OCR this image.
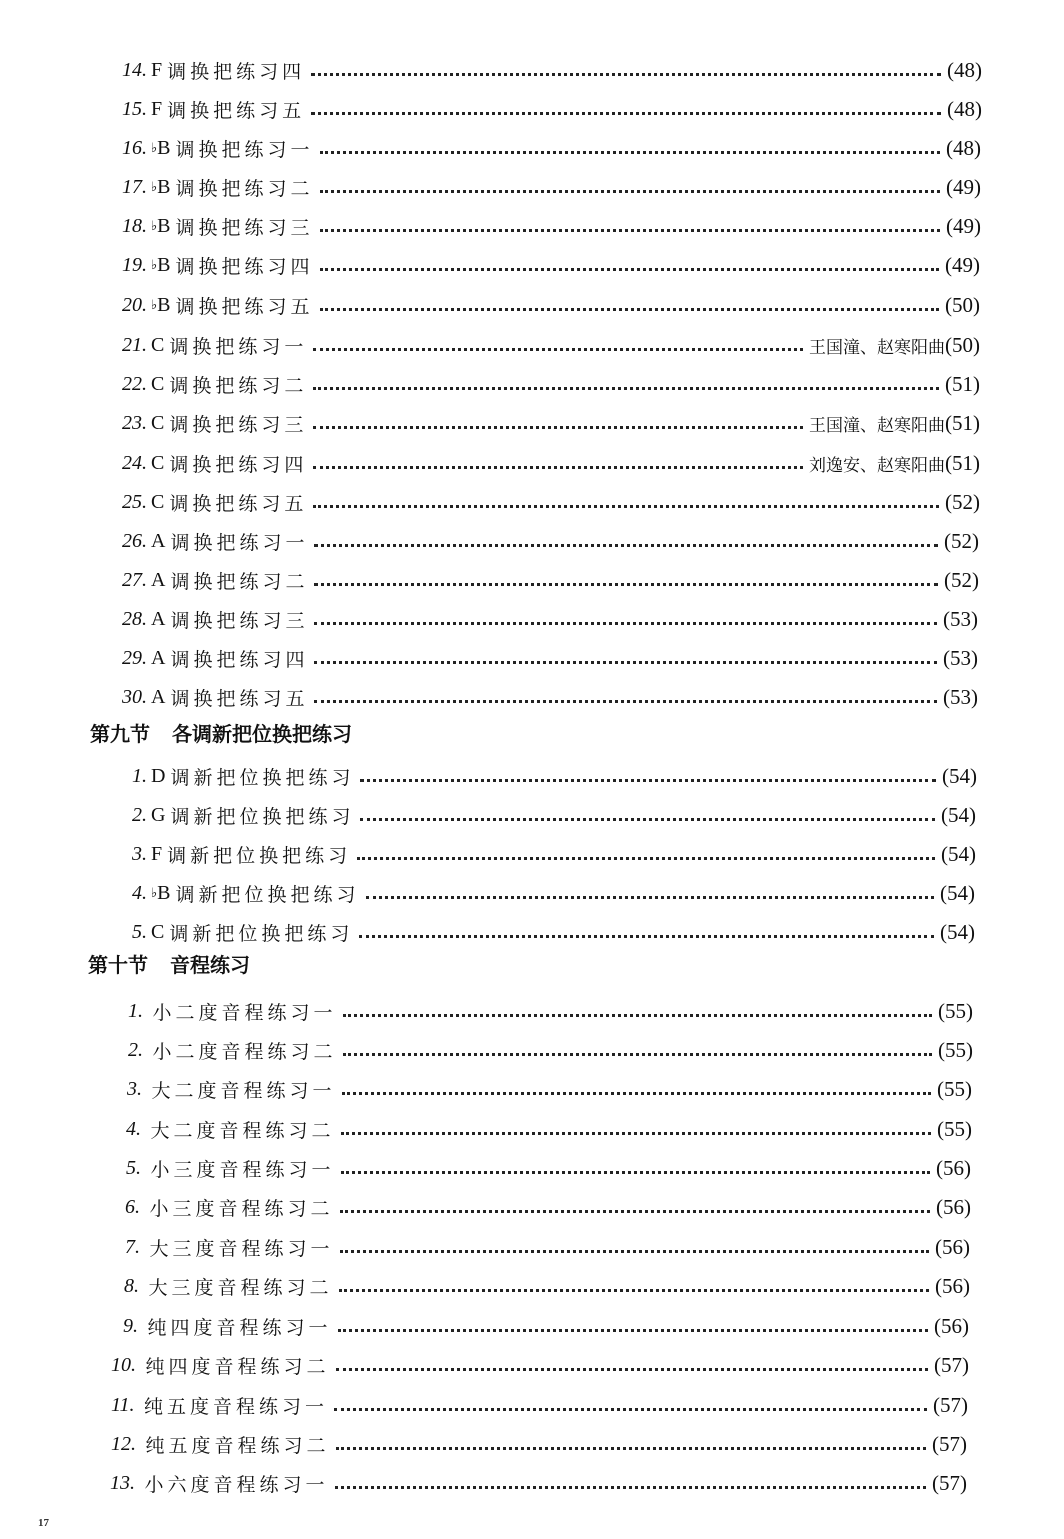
14. F 调换把练习四	(48)
15. F 调换把练习五	(48)
16. ♭ B 调换把练习一	(48)
17. ♭ B 调换把练习二	(49)
18. ♭ B 调换把练习三	(49)
19. ♭ B 调换把练习四	(49)
20. ♭ B 调换把练习五	(50)
21. C 调换把练习一	王国潼、赵寒阳曲 (50)
22. C 调换把练习二	(51)
23. C 调换把练习三	王国潼、赵寒阳曲 (51)
24. C 调换把练习四	刘逸安、赵寒阳曲 (51)
25. C 调换把练习五	(52)
26. A 调换把练习一	(52)
27. A 调换把练习二	(52)
28. A 调换把练习三	(53)
29. A 调换把练习四	(53)
30. A 调换把练习五	(53)
第九节 各调新把位换把练习
1. D 调新把位换把练习	(54)
2. G 调新把位换把练习	(54)
3. F 调新把位换把练习	(54)
4. ♭ B 调新把位换把练习	(54)
5. C 调新把位换把练习	(54)
第十节 音程练习
1.
  小二度音程练习一	(55)
2.
  小二度音程练习二	(55)
3.
  大二度音程练习一	(55)
4.
  大二度音程练习二	(55)
5.
  小三度音程练习一	(56)
6.
  小三度音程练习二	(56)
7.
  大三度音程练习一	(56)
8.
  大三度音程练习二	(56)
9.
  纯四度音程练习一	(56)
10.
  纯四度音程练习二	(57)
11.
  纯五度音程练习一	(57)
12.
  纯五度音程练习二	(57)
13.
  小六度音程练习一	(57)
17
